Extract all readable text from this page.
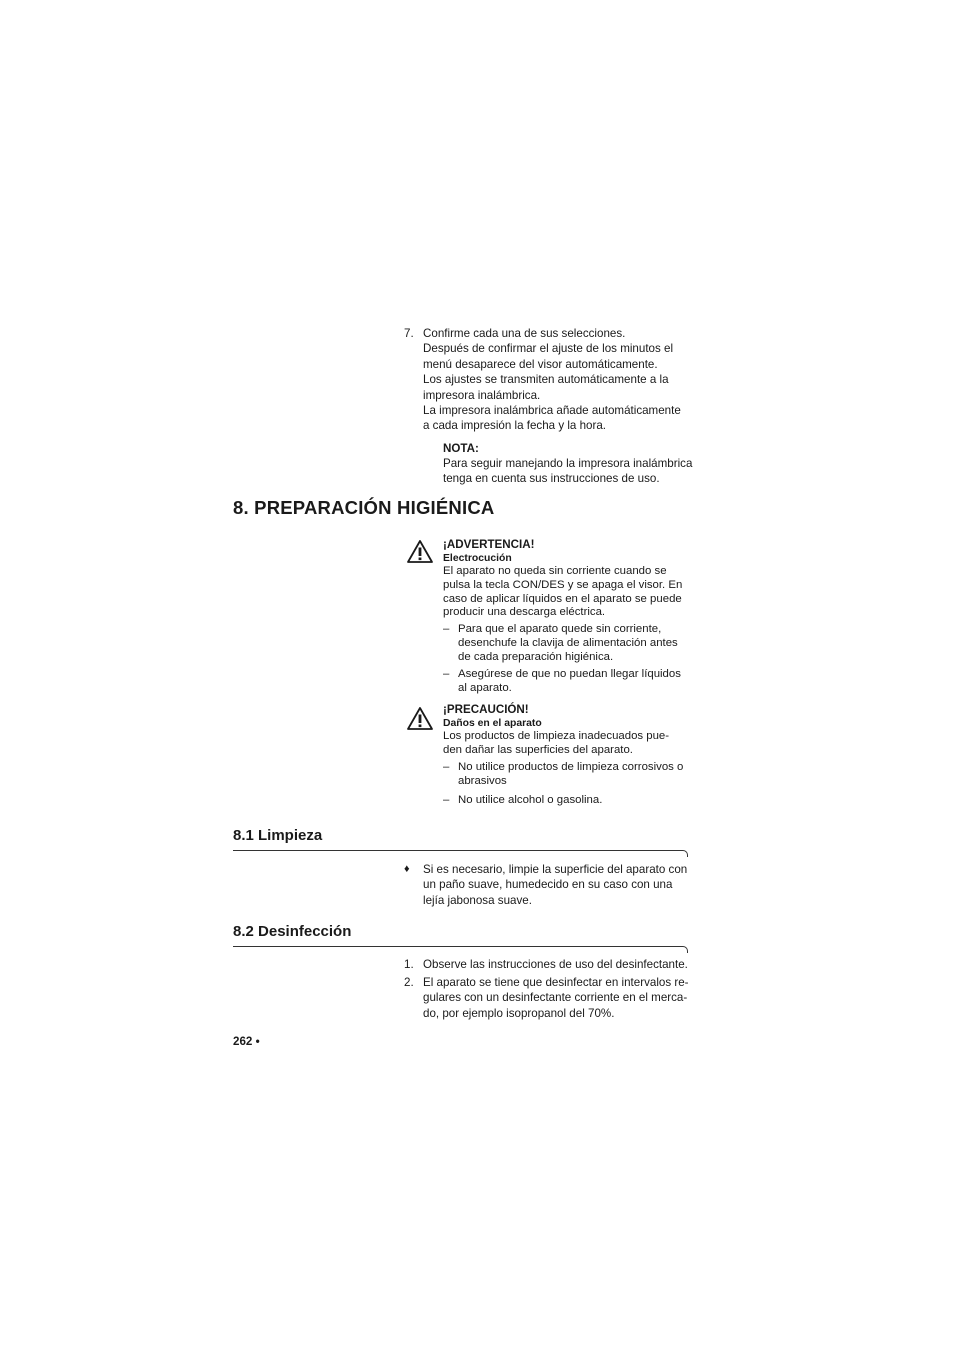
7. Confirme cada una de sus selecciones.
Después de confirmar el ajuste de los minutos el
menú desaparece del visor automáticamente.
Los ajustes se transmiten automáticamente a la
impresora inalámbrica.
La impresora inalámbrica añade automáticamente
a cada impresión la fecha y la hora.
NOTA:
Para seguir manejando la impresora inalámbrica
tenga en cuenta sus instrucciones de uso.
8. PREPARACIÓN HIGIÉNICA
¡ADVERTENCIA!
Electrocución
El aparato no queda sin corriente cuando se
pulsa la tecla CON/DES y se apaga el visor. En
caso de aplicar líquidos en el aparato se puede
producir una descarga eléctrica.
– Para que el aparato quede sin corriente,
desenchufe la clavija de alimentación antes
de cada preparación higiénica.
– Asegúrese de que no puedan llegar líquidos
al aparato.
¡PRECAUCIÓN!
Daños en el aparato
Los productos de limpieza inadecuados pue-
den dañar las superficies del aparato.
– No utilice productos de limpieza corrosivos o
abrasivos
– No utilice alcohol o gasolina.
8.1 Limpieza
♦ Si es necesario, limpie la superficie del aparato con
un paño suave, humedecido en su caso con una
lejía jabonosa suave.
8.2 Desinfección
1. Observe las instrucciones de uso del desinfectante.
2. El aparato se tiene que desinfectar en intervalos re-
gulares con un desinfectante corriente en el merca-
do, por ejemplo isopropanol del 70%.
262 •
